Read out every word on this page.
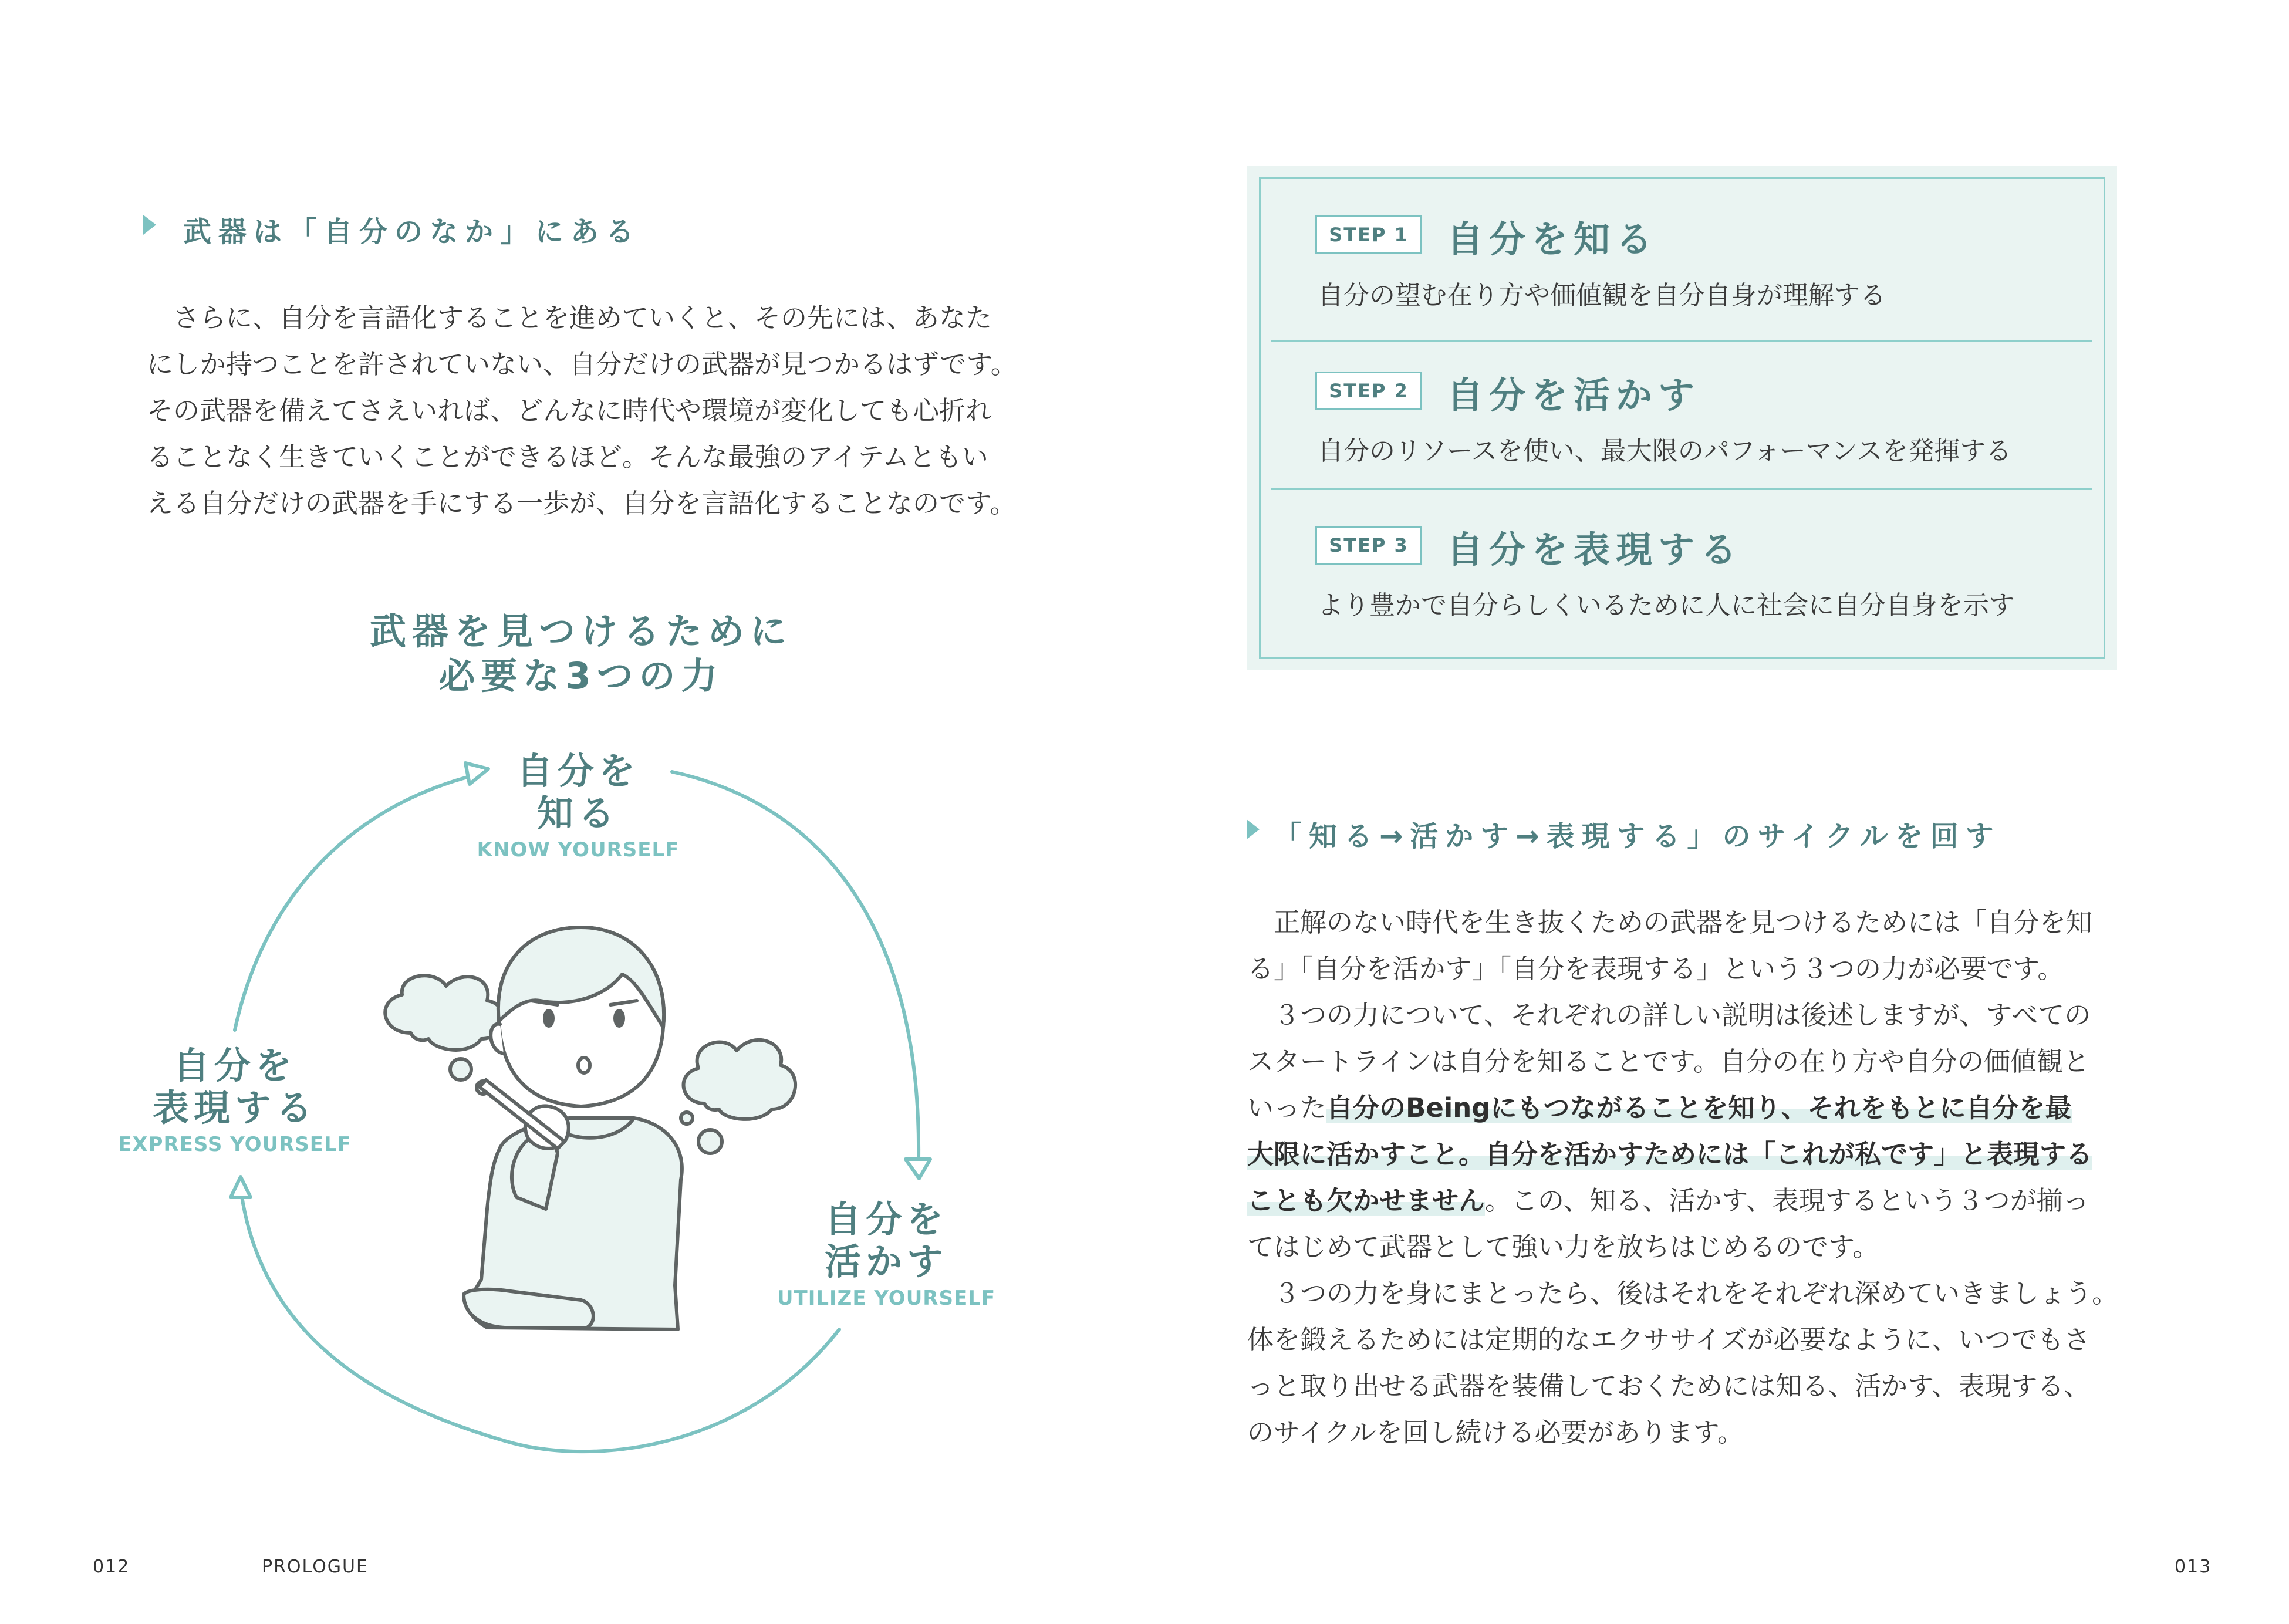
武器は「自分のなか」にある
　さらに、自分を言語化することを進めていくと、その先には、あなた
にしか持つことを許されていない、自分だけの武器が見つかるはずです。
その武器を備えてさえいれば、どんなに時代や環境が変化しても心折れ
ることなく生きていくことができるほど。そんな最強のアイテムともい
える自分だけの武器を手にする一歩が、自分を言語化することなのです。
武器を見つけるために
必要な3つの力
自分を
知る
KNOW YOURSELF
自分を
活かす
UTILIZE YOURSELF
自分を
表現する
EXPRESS YOURSELF
STEP 1	自分を知る
自分の望む在り方や価値観を自分自身が理解する
STEP 2	自分を活かす
自分のリソースを使い、最大限のパフォーマンスを発揮する
STEP 3	自分を表現する
より豊かで自分らしくいるために人に社会に自分自身を示す
「知る→活かす→表現する」のサイクルを回す
　正解のない時代を生き抜くための武器を見つけるためには「自分を知
る」「自分を活かす」「自分を表現する」という３つの力が必要です。
　３つの力について、それぞれの詳しい説明は後述しますが、すべての
スタートラインは自分を知ることです。自分の在り方や自分の価値観と
いった自分のBeingにもつながることを知り、それをもとに自分を最
大限に活かすこと。自分を活かすためには「これが私です」と表現する
ことも欠かせません。この、知る、活かす、表現するという３つが揃っ
てはじめて武器として強い力を放ちはじめるのです。
　３つの力を身にまとったら、後はそれをそれぞれ深めていきましょう。
体を鍛えるためには定期的なエクササイズが必要なように、いつでもさ
っと取り出せる武器を装備しておくためには知る、活かす、表現する、
のサイクルを回し続ける必要があります。
012	PROLOGUE	013
